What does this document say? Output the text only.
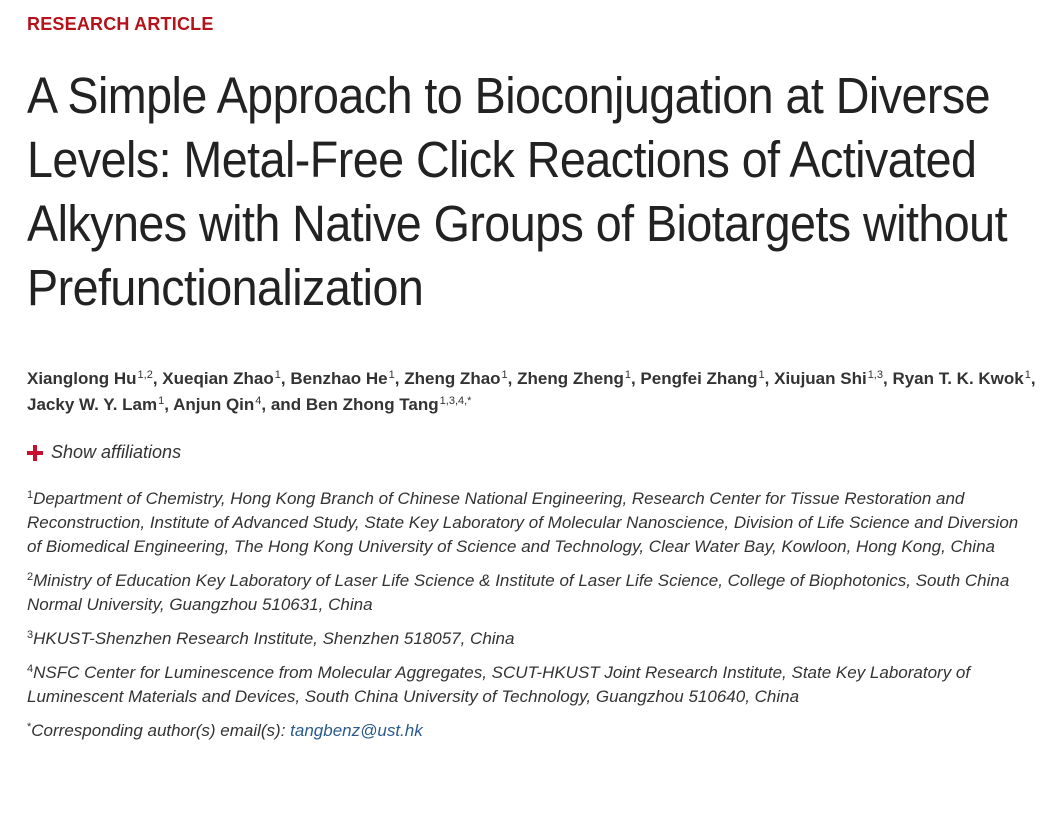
RESEARCH ARTICLE
A Simple Approach to Bioconjugation at Diverse Levels: Metal-Free Click Reactions of Activated Alkynes with Native Groups of Biotargets without Prefunctionalization
Xianglong Hu$^{1,2}$, Xueqian Zhao$^1$, Benzhao He$^1$, Zheng Zhao$^1$, Zheng Zheng$^1$, Pengfei Zhang$^1$, Xiujuan Shi$^{1,3}$, Ryan T. K. Kwok$^1$, Jacky W. Y. Lam$^1$, Anjun Qin$^4$, and Ben Zhong Tang$^{1,3,4,*}$
Show affiliations

$^1$Department of Chemistry, Hong Kong Branch of Chinese National Engineering, Research Center for Tissue Restoration and Reconstruction, Institute of Advanced Study, State Key Laboratory of Molecular Nanoscience, Division of Life Science and Diversion of Biomedical Engineering, The Hong Kong University of Science and Technology, Clear Water Bay, Kowloon, Hong Kong, China

$^2$Ministry of Education Key Laboratory of Laser Life Science & Institute of Laser Life Science, College of Biophotonics, South China Normal University, Guangzhou 510631, China

$^3$HKUST-Shenzhen Research Institute, Shenzhen 518057, China

$^4$NSFC Center for Luminescence from Molecular Aggregates, SCUT-HKUST Joint Research Institute, State Key Laboratory of Luminescent Materials and Devices, South China University of Technology, Guangzhou 510640, China

*Corresponding author(s) email(s): tangbenz@ust.hk
